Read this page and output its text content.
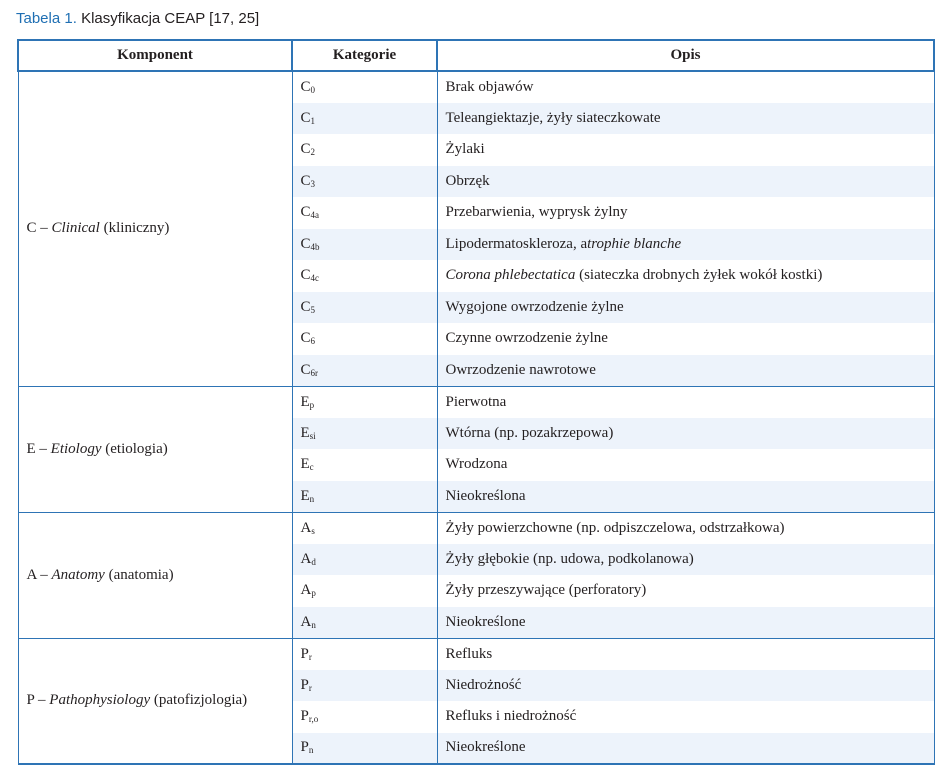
Tabela 1. Klasyfikacja CEAP [17, 25]
Komponent	Kategorie	Opis
C – Clinical (kliniczny)	$C_0$	Brak objawów
	$C_1$	Teleangiektazje, żyły siateczkowate
	$C_2$	Żylaki
	$C_3$	Obrzęk
	$C_{4a}$	Przebarwienia, wyprysk żylny
	$C_{4b}$	Lipodermatoskleroza, atrophie blanche
	$C_{4c}$	Corona phlebectatica (siateczka drobnych żyłek wokół kostki)
	$C_5$	Wygojone owrzodzenie żylne
	$C_6$	Czynne owrzodzenie żylne
	$C_{6r}$	Owrzodzenie nawrotowe
E – Etiology (etiologia)	$E_p$	Pierwotna
	$E_{si}$	Wtórna (np. pozakrzepowa)
	$E_c$	Wrodzona
	$E_n$	Nieokreślona
A – Anatomy (anatomia)	$A_s$	Żyły powierzchowne (np. odpiszczelowa, odstrzałkowa)
	$A_d$	Żyły głębokie (np. udowa, podkolanowa)
	$A_p$	Żyły przeszywające (perforatory)
	$A_n$	Nieokreślone
P – Pathophysiology (patofizjologia)	$P_r$	Refluks
	$P_r$	Niedrożność
	$P_{r,o}$	Refluks i niedrożność
	$P_n$	Nieokreślone
